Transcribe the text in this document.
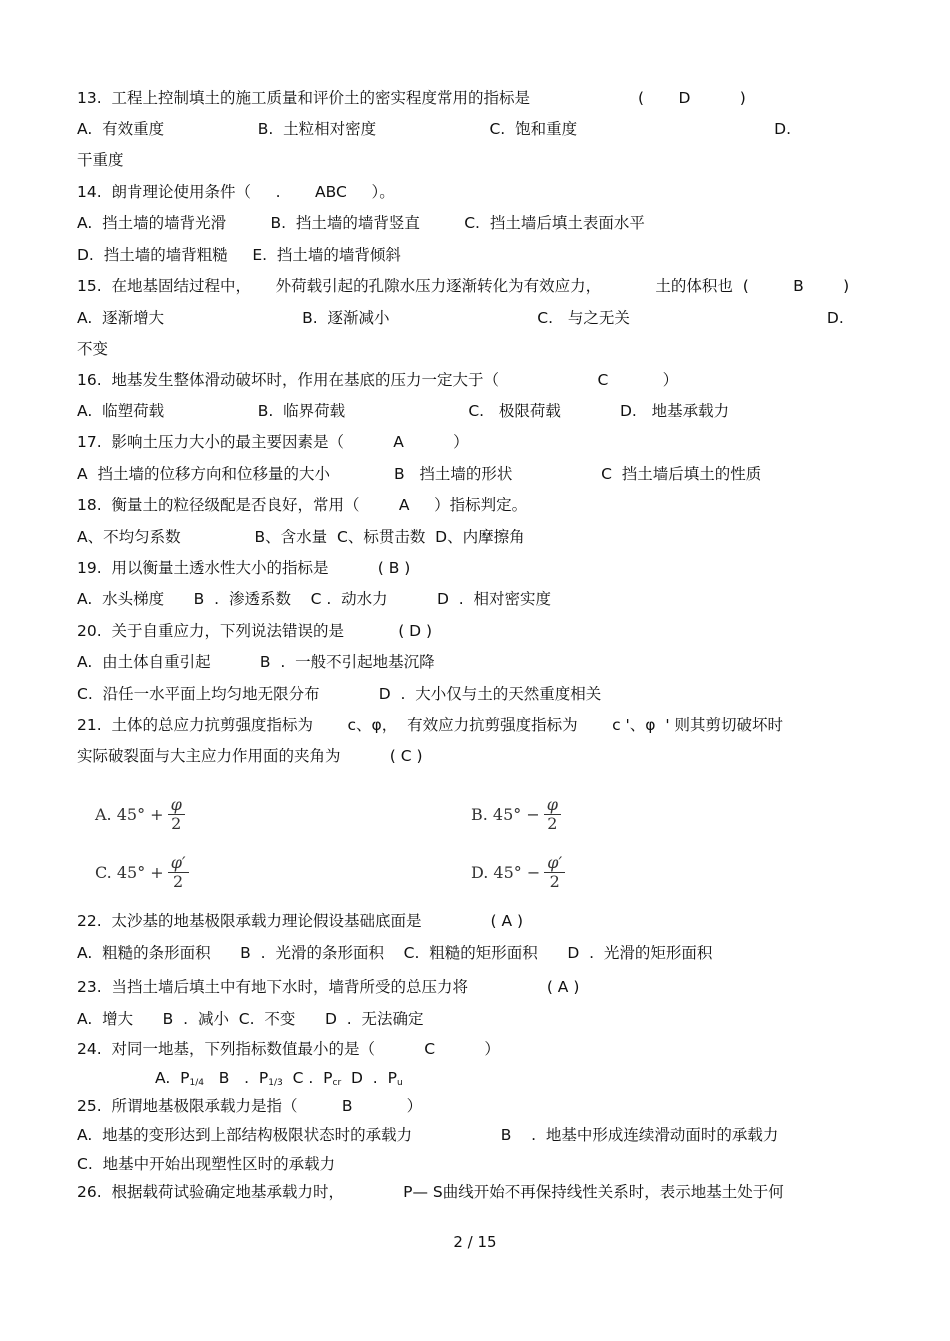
13.  工程上控制填土的施工质量和评价土的密实程度常用的指标是	(       D          )
A.  有效重度                   B.  土粒相对密度                       C.  饱和重度                                        D.
干重度
14.  朗肯理论使用条件（     .       ABC     ）。
A.  挡土墙的墙背光滑         B.  挡土墙的墙背竖直         C.  挡土墙后填土表面水平
D.  挡土墙的墙背粗糙     E.  挡土墙的墙背倾斜
15.  在地基固结过程中，     外荷载引起的孔隙水压力逐渐转化为有效应力，           土的体积也  (         B        )
A.  逐渐增大                            B.  逐渐减小                              C.   与之无关                                        D.
不变
16.  地基发生整体滑动破坏时，作用在基底的压力一定大于（                    C           ）
A.  临塑荷载                   B.  临界荷载                         C.   极限荷载            D.   地基承载力
17.  影响土压力大小的最主要因素是（          A          ）
A  挡土墙的位移方向和位移量的大小             B   挡土墙的形状                  C  挡土墙后填土的性质
18.  衡量土的粒径级配是否良好，常用（        A     ）指标判定。
A、不均匀系数               B、含水量  C、标贯击数  D、内摩擦角
19.  用以衡量土透水性大小的指标是          ( B )
A.  水头梯度      B  .  渗透系数    C .  动水力          D  .  相对密实度
20.  关于自重应力，下列说法错误的是           ( D )
A.  由土体自重引起          B  .  一般不引起地基沉降
C.  沿任一水平面上均匀地无限分布            D  .  大小仅与土的天然重度相关
21.  土体的总应力抗剪强度指标为       c、φ，  有效应力抗剪强度指标为       c '、φ  ' 则其剪切破坏时
实际破裂面与大主应力作用面的夹角为          ( C )
A. $45^\circ + \frac{\varphi}{2}$	B. $45^\circ - \frac{\varphi}{2}$
C. $45^\circ + \frac{\varphi'}{2}$	D. $45^\circ - \frac{\varphi'}{2}$
22.  太沙基的地基极限承载力理论假设基础底面是              ( A )
A.  粗糙的条形面积      B  .  光滑的条形面积    C.  粗糙的矩形面积      D  .  光滑的矩形面积
23.  当挡土墙后填土中有地下水时，墙背所受的总压力将                ( A )
A.  增大      B  .  减小  C.  不变      D  .  无法确定
24.  对同一地基，下列指标数值最小的是（          C          ）
A.  $P_{1/4}$   B   .  $P_{1/3}$  C .  $P_{cr}$  D  .  $P_u$
25.  所谓地基极限承载力是指（         B           ）
A.  地基的变形达到上部结构极限状态时的承载力                  B    .  地基中形成连续滑动面时的承载力
C.  地基中开始出现塑性区时的承载力
26.  根据载荷试验确定地基承载力时，            P— S曲线开始不再保持线性关系时，表示地基土处于何
2 / 15
